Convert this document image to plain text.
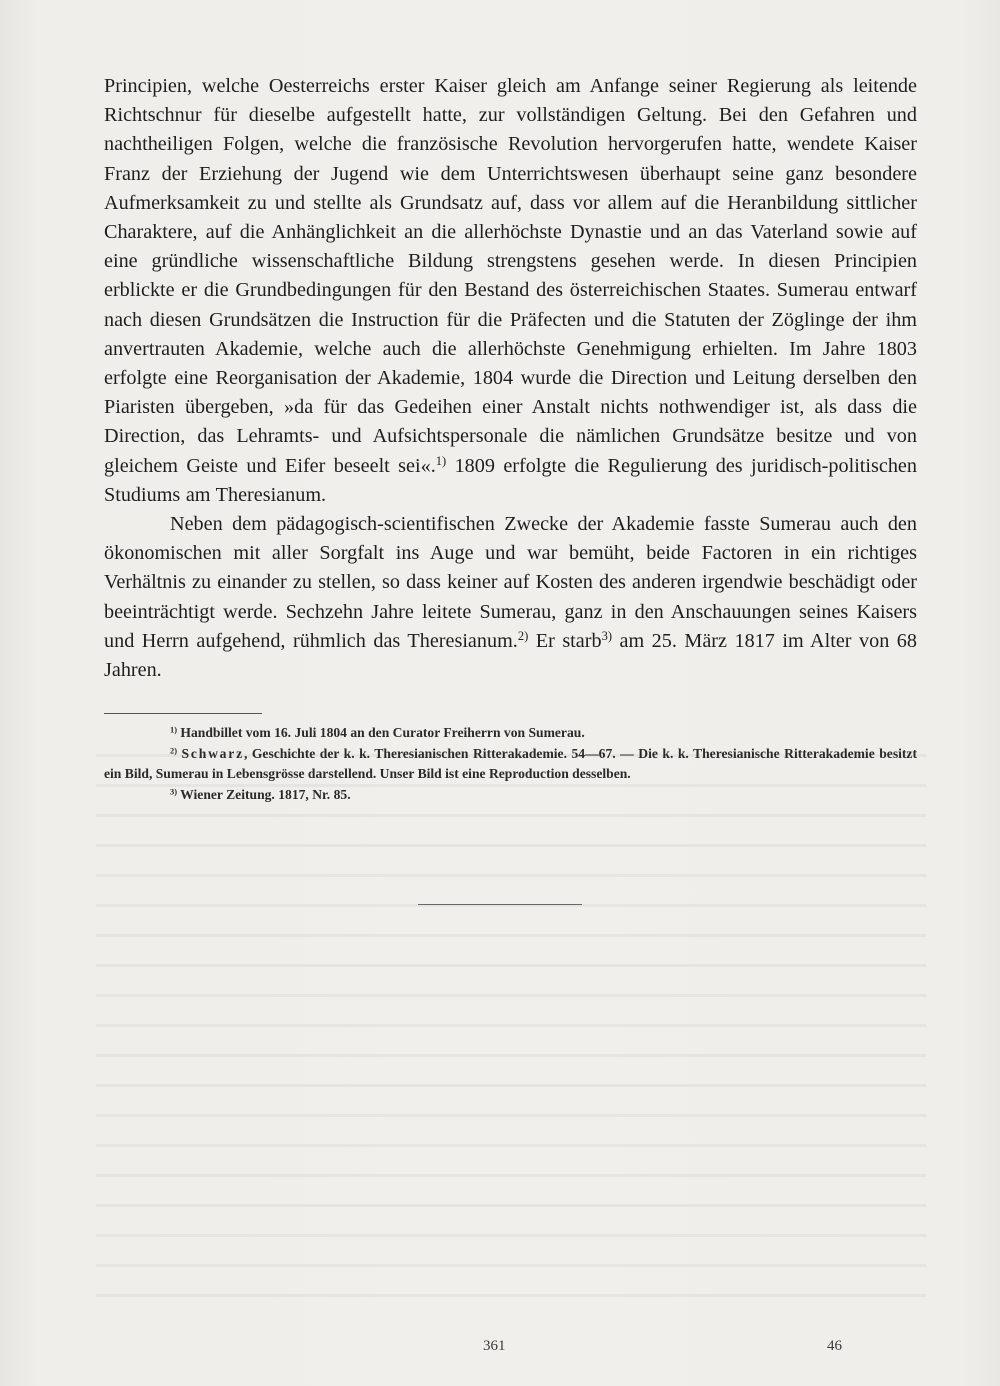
Principien, welche Oesterreichs erster Kaiser gleich am Anfange seiner Regierung als leitende Richtschnur für dieselbe aufgestellt hatte, zur vollständigen Geltung. Bei den Gefahren und nachtheiligen Folgen, welche die französische Revolution hervorgerufen hatte, wendete Kaiser Franz der Erziehung der Jugend wie dem Unterrichtswesen überhaupt seine ganz besondere Aufmerksamkeit zu und stellte als Grundsatz auf, dass vor allem auf die Heranbildung sittlicher Charaktere, auf die Anhänglichkeit an die allerhöchste Dynastie und an das Vaterland sowie auf eine gründliche wissenschaftliche Bildung strengstens gesehen werde. In diesen Principien erblickte er die Grundbedingungen für den Bestand des österreichischen Staates. Sumerau entwarf nach diesen Grundsätzen die Instruction für die Präfecten und die Statuten der Zöglinge der ihm anvertrauten Akademie, welche auch die allerhöchste Genehmigung erhielten. Im Jahre 1803 erfolgte eine Reorganisation der Akademie, 1804 wurde die Direction und Leitung derselben den Piaristen übergeben, »da für das Gedeihen einer Anstalt nichts nothwendiger ist, als dass die Direction, das Lehramts- und Aufsichtspersonale die nämlichen Grundsätze besitze und von gleichem Geiste und Eifer beseelt sei«.$^{1)}$ 1809 erfolgte die Regulierung des juridisch-politischen Studiums am Theresianum.

Neben dem pädagogisch-scientifischen Zwecke der Akademie fasste Sumerau auch den ökonomischen mit aller Sorgfalt ins Auge und war bemüht, beide Factoren in ein richtiges Verhältnis zu einander zu stellen, so dass keiner auf Kosten des anderen irgendwie beschädigt oder beeinträchtigt werde. Sechzehn Jahre leitete Sumerau, ganz in den Anschauungen seines Kaisers und Herrn aufgehend, rühmlich das Theresianum.$^{2)}$ Er starb$^{3)}$ am 25. März 1817 im Alter von 68 Jahren.

$^{1)}$ Handbillet vom 16. Juli 1804 an den Curator Freiherrn von Sumerau.

$^{2)}$ Schwarz, Geschichte der k. k. Theresianischen Ritterakademie. 54—67. — Die k. k. Theresianische Ritterakademie besitzt ein Bild, Sumerau in Lebensgrösse darstellend. Unser Bild ist eine Reproduction desselben.

$^{3)}$ Wiener Zeitung. 1817, Nr. 85.

361	46
